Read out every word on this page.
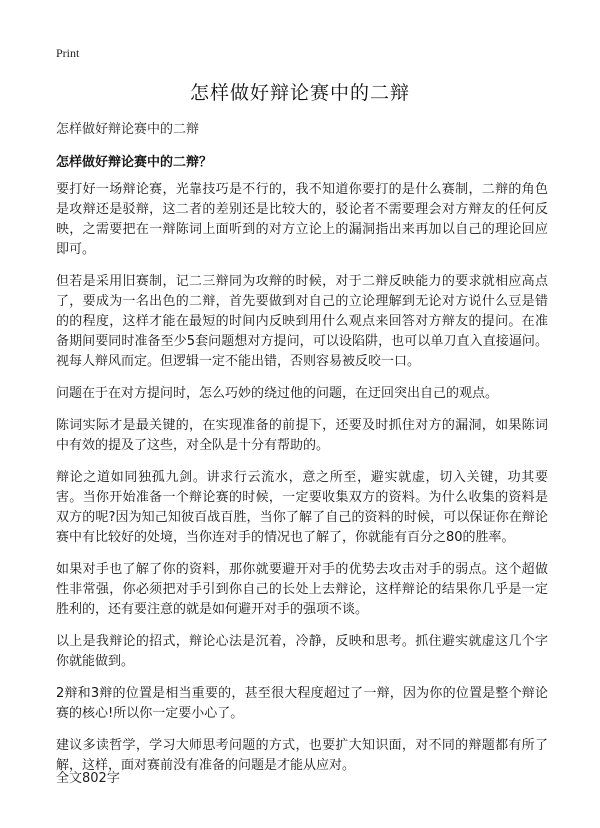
Print
怎样做好辩论赛中的二辩
怎样做好辩论赛中的二辩
怎样做好辩论赛中的二辩？

要打好一场辩论赛，光靠技巧是不行的，我不知道你要打的是什么赛制，二辩的角色是攻辩还是驳辩，这二者的差别还是比较大的，驳论者不需要理会对方辩友的任何反映，之需要把在一辩陈词上面听到的对方立论上的漏洞指出来再加以自己的理论回应即可。

但若是采用旧赛制，记二三辩同为攻辩的时候，对于二辩反映能力的要求就相应高点了，要成为一名出色的二辩，首先要做到对自己的立论理解到无论对方说什么豆是错的的程度，这样才能在最短的时间内反映到用什么观点来回答对方辩友的提问。在准备期间要同时准备至少5套问题想对方提问，可以设陷阱，也可以单刀直入直接逼问。视每人辩风而定。但逻辑一定不能出错，否则容易被反咬一口。

问题在于在对方提问时，怎么巧妙的绕过他的问题，在迂回突出自己的观点。

陈词实际才是最关键的，在实现准备的前提下，还要及时抓住对方的漏洞，如果陈词中有效的提及了这些，对全队是十分有帮助的。

辩论之道如同独孤九剑。讲求行云流水，意之所至，避实就虚，切入关键，功其要害。当你开始准备一个辩论赛的时候，一定要收集双方的资料。为什么收集的资料是双方的呢?因为知己知彼百战百胜，当你了解了自己的资料的时候，可以保证你在辩论赛中有比较好的处境，当你连对手的情况也了解了，你就能有百分之80的胜率。

如果对手也了解了你的资料，那你就要避开对手的优势去攻击对手的弱点。这个超做性非常强，你必须把对手引到你自己的长处上去辩论，这样辩论的结果你几乎是一定胜利的，还有要注意的就是如何避开对手的强项不谈。

以上是我辩论的招式，辩论心法是沉着，冷静，反映和思考。抓住避实就虚这几个字你就能做到。

2辩和3辩的位置是相当重要的，甚至很大程度超过了一辩，因为你的位置是整个辩论赛的核心!所以你一定要小心了。

建议多读哲学，学习大师思考问题的方式，也要扩大知识面，对不同的辩题都有所了解，这样，面对赛前没有准备的问题是才能从应对。

全文802字
